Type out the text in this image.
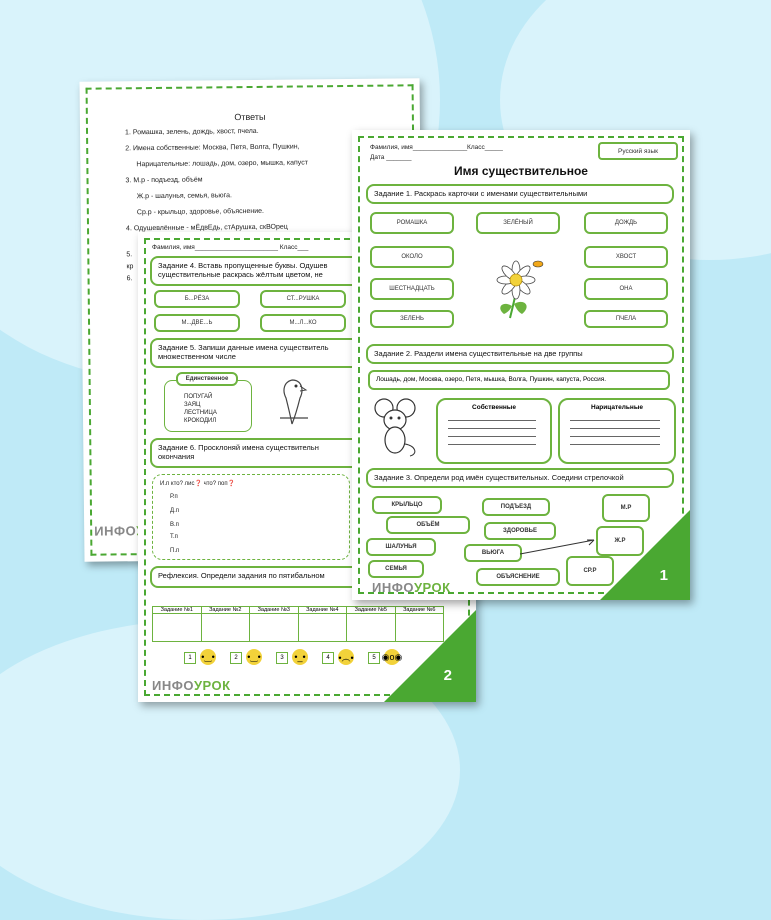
Ответы
1. Ромашка, зелень, дождь, хвост, пчела.
2. Имена собственные: Москва, Петя, Волга, Пушкин,
Нарицательные: лошадь, дом, озеро, мышка, капуст
3. М.р - подъезд, объём
Ж.р - шалунья, семья, вьюга.
Ср.р - крыльцо, здоровье, объяснение.
4. Одушевлённые - мЁдвЕдь, стАрушка, скВОрец
5.
кр
6.
ИНФО
Фамилия, имя_______________________ Класс___
Задание 4. Вставь пропущенные буквы. Одушев
существительные раскрась жёлтым цветом, не
Б...РЁЗА	СТ...РУШКА
М...ДВЕ...Ь	М...Л...КО
Задание 5. Запиши данные имена существитель
множественном числе
Единственное
ПОПУГАЙ
ЗАЯЦ
ЛЕСТНИЦА
КРОКОДИЛ
Задание 6. Просклоняй имена существительн
окончания
И.п кто? лис❓ что? поп❓
Р.п
Д.п
В.п
Т.п
П.п
Рефлексия. Определи задания по пятибальном
Задание №1	Задание №2	Задание №3	Задание №4	Задание №5	Задание №6
1	•‿•	2	•‿•	3	•_•	4 •︵•	5 ◉o◉
ИНФОУРОК
2
Фамилия, имя_______________Класс_____
Дата _______
Русский язык
Имя существительное
Задание 1. Раскрась карточки с именами существительными
РОМАШКА	ЗЕЛЁНЫЙ	ДОЖДЬ
ОКОЛО	ХВОСТ
ШЕСТНАДЦАТЬ	ОНА
ЗЕЛЕНЬ	ПЧЕЛА
Задание 2. Раздели имена существительные на две группы
Лошадь, дом, Москва, озеро, Петя, мышка, Волга, Пушкин, капуста, Россия.
Собственные	Нарицательные
Задание 3. Определи род имён существительных. Соедини стрелочкой
КРЫЛЬЦО	ПОДЪЕЗД
ОБЪЁМ
ЗДОРОВЬЕ
ШАЛУНЬЯ
ВЬЮГА
СЕМЬЯ
ОБЪЯСНЕНИЕ
М.Р
Ж.Р
СР.Р
ИНФОУРОК
1
